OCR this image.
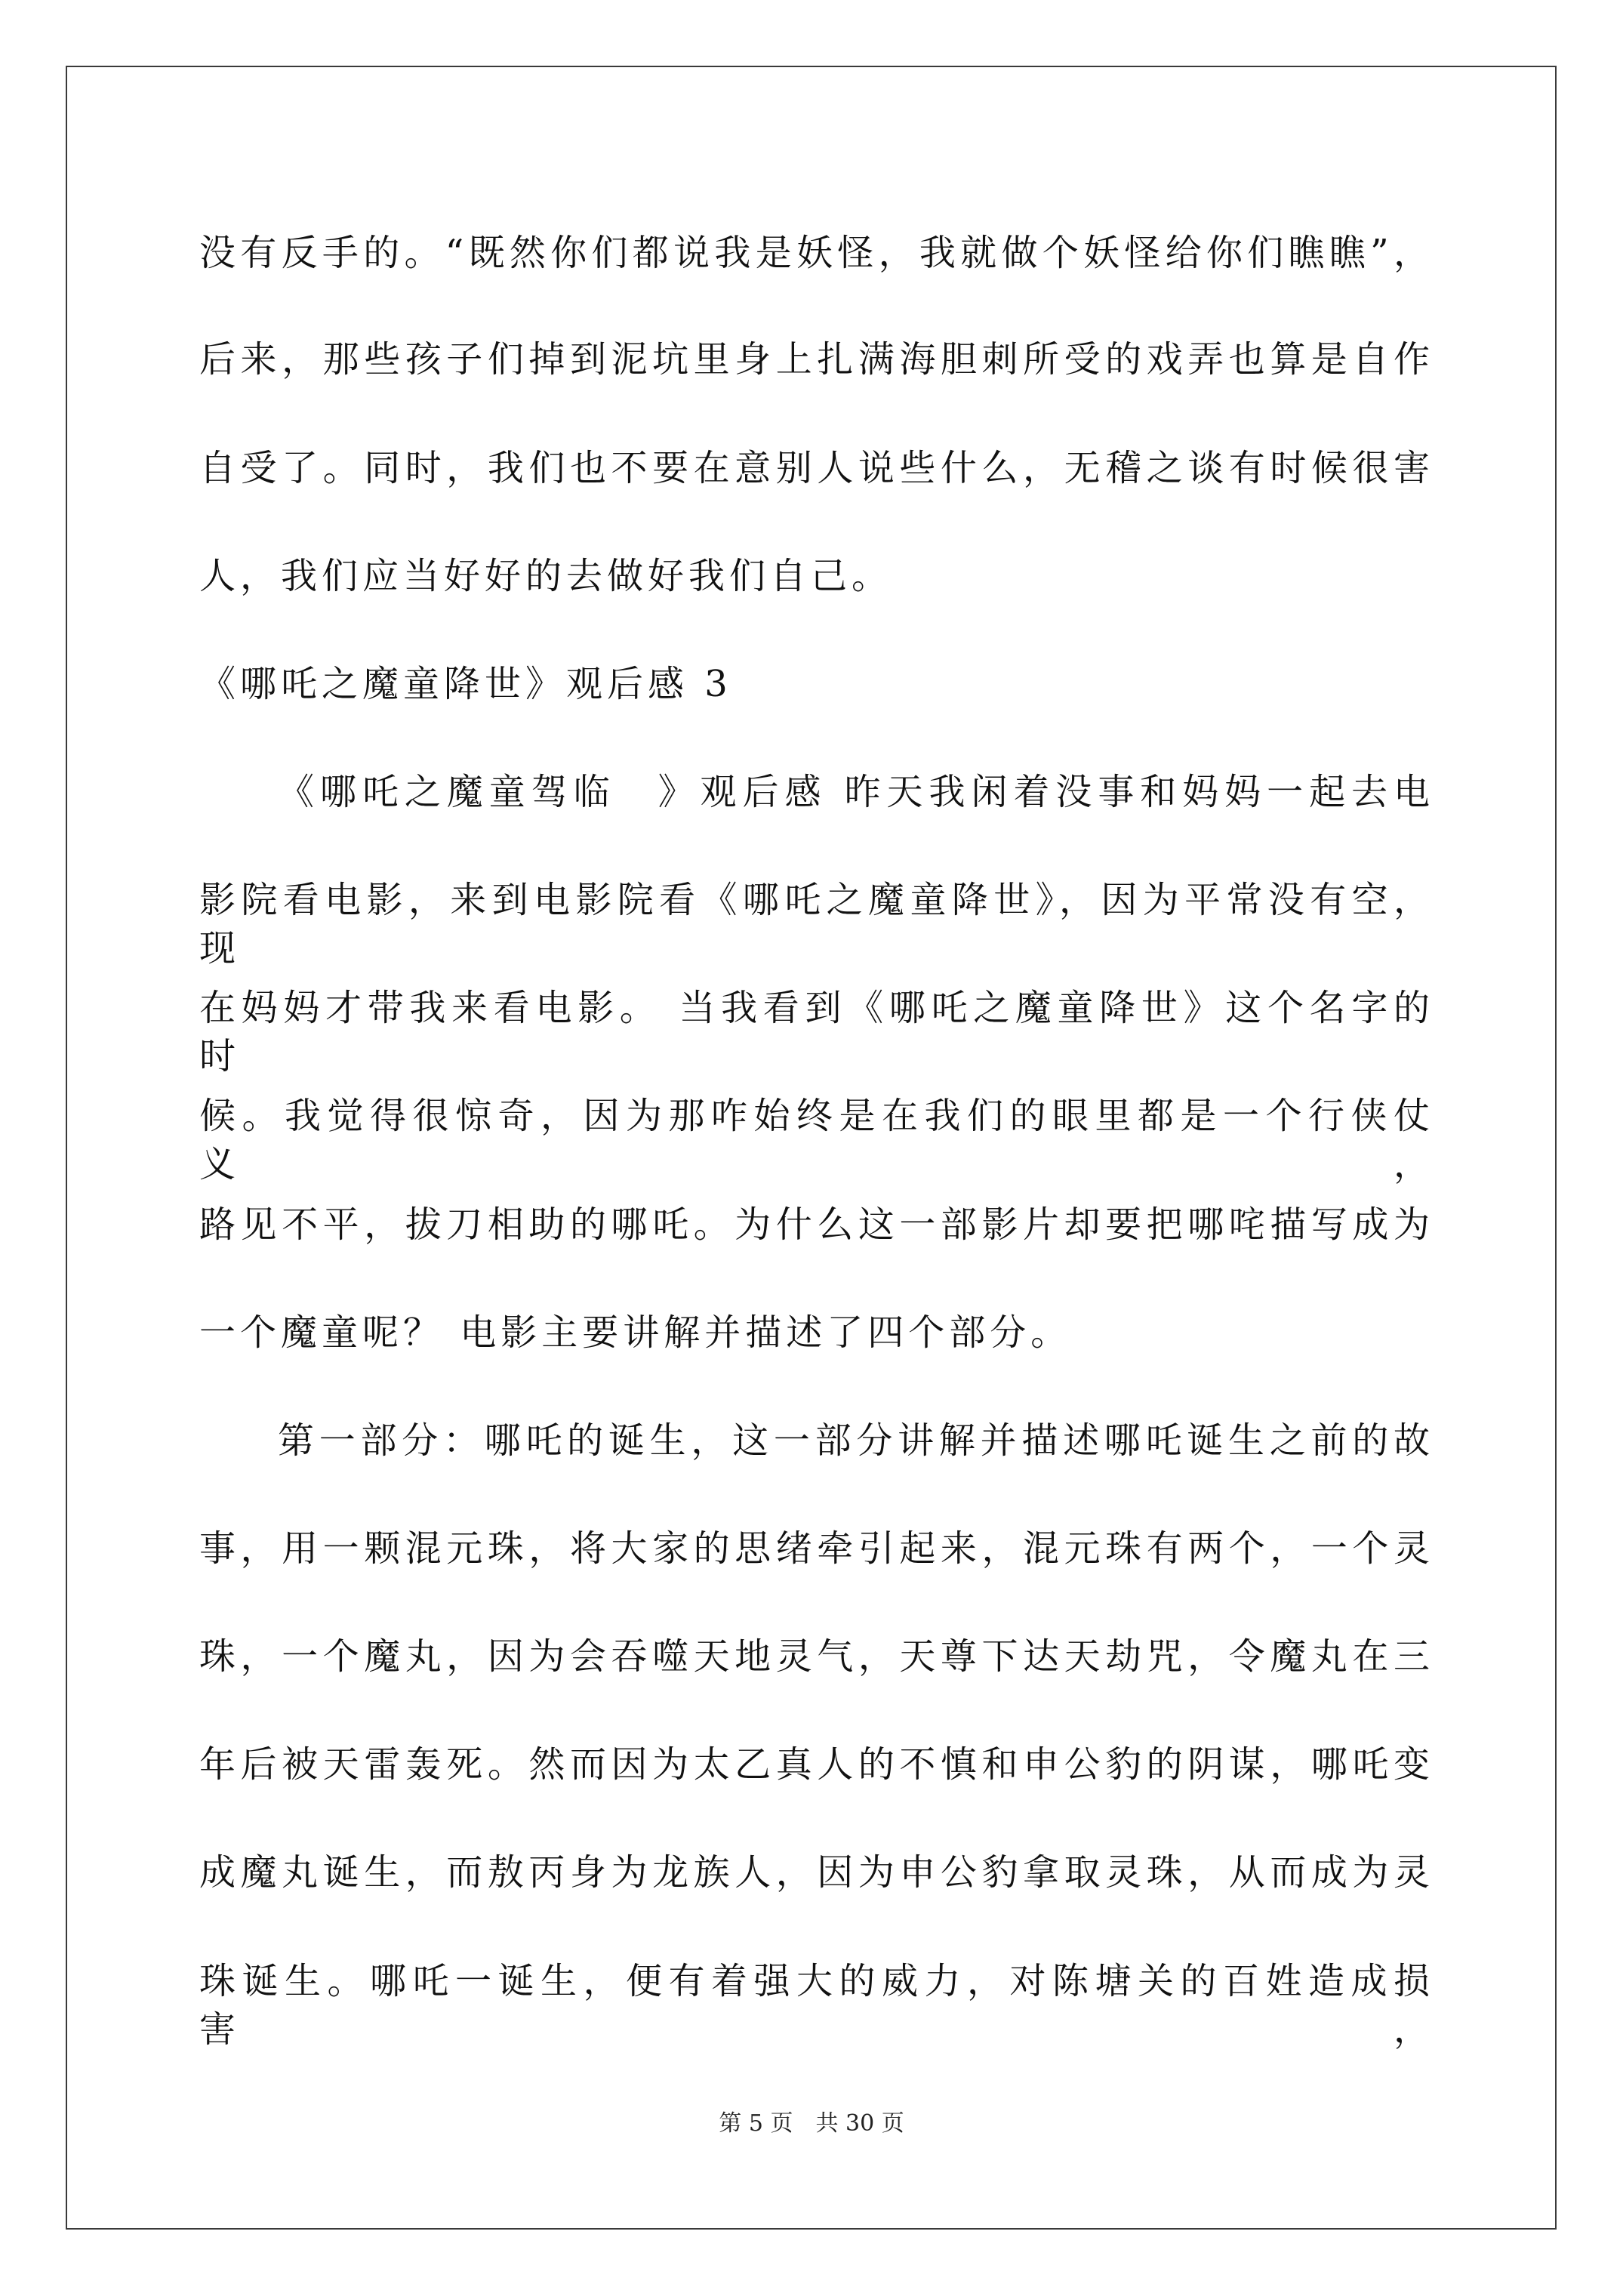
没有反手的。“既然你们都说我是妖怪，我就做个妖怪给你们瞧瞧”，
后来，那些孩子们掉到泥坑里身上扎满海胆刺所受的戏弄也算是自作
自受了。同时，我们也不要在意别人说些什么，无稽之谈有时候很害
人，我们应当好好的去做好我们自己。
《哪吒之魔童降世》观后感 3
《哪吒之魔童驾临　》观后感 昨天我闲着没事和妈妈一起去电
影院看电影，来到电影院看《哪吒之魔童降世》，因为平常没有空，现
在妈妈才带我来看电影。 当我看到《哪吒之魔童降世》这个名字的时
候。我觉得很惊奇，因为那咋始终是在我们的眼里都是一个行侠仗义，
路见不平，拔刀相助的哪吒。为什么这一部影片却要把哪咤描写成为
一个魔童呢？ 电影主要讲解并描述了四个部分。
第一部分：哪吒的诞生，这一部分讲解并描述哪吒诞生之前的故
事，用一颗混元珠，将大家的思绪牵引起来，混元珠有两个，一个灵
珠，一个魔丸，因为会吞噬天地灵气，天尊下达天劫咒，令魔丸在三
年后被天雷轰死。然而因为太乙真人的不慎和申公豹的阴谋，哪吒变
成魔丸诞生，而敖丙身为龙族人，因为申公豹拿取灵珠，从而成为灵
珠诞生。哪吒一诞生，便有着强大的威力，对陈塘关的百姓造成损害，
第 5 页　共 30 页
